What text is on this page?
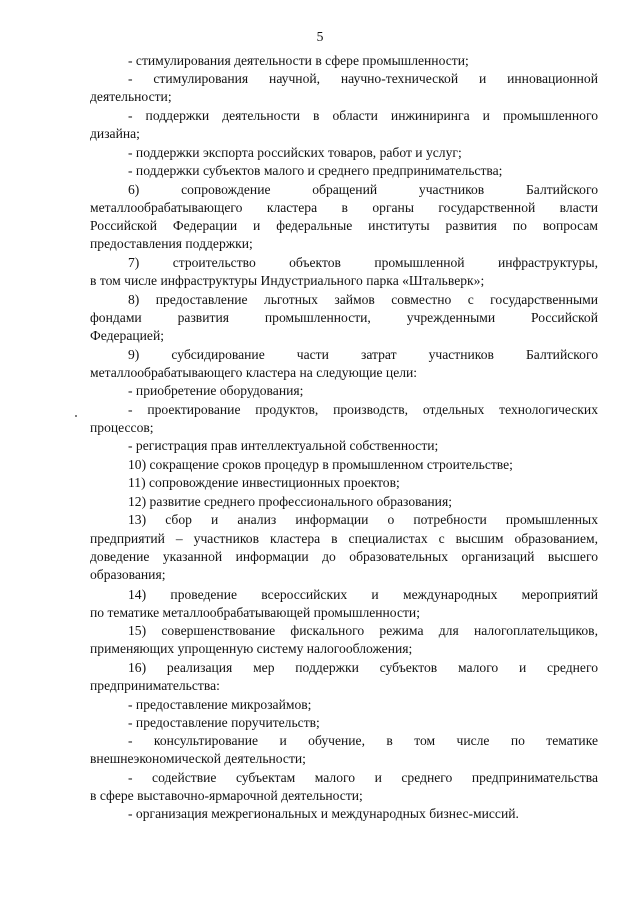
5
- стимулирования деятельности в сфере промышленности;
- стимулирования научной, научно-технической и инновационной
деятельности;
- поддержки деятельности в области инжиниринга и промышленного
дизайна;
- поддержки экспорта российских товаров, работ и услуг;
- поддержки субъектов малого и среднего предпринимательства;
6) сопровождение обращений участников Балтийского
металлообрабатывающего кластера в органы государственной власти
Российской Федерации и федеральные институты развития по вопросам
предоставления поддержки;
7) строительство объектов промышленной инфраструктуры,
в том числе инфраструктуры Индустриального парка «Штальверк»;
8) предоставление льготных займов совместно с государственными
фондами развития промышленности, учрежденными Российской
Федерацией;
9) субсидирование части затрат участников Балтийского
металлообрабатывающего кластера на следующие цели:
- приобретение оборудования;
- проектирование продуктов, производств, отдельных технологических
процессов;
- регистрация прав интеллектуальной собственности;
10) сокращение сроков процедур в промышленном строительстве;
11) сопровождение инвестиционных проектов;
12) развитие среднего профессионального образования;
13) сбор и анализ информации о потребности промышленных
предприятий – участников кластера в специалистах с высшим образованием,
доведение указанной информации до образовательных организаций высшего
образования;
14) проведение всероссийских и международных мероприятий
по тематике металлообрабатывающей промышленности;
15) совершенствование фискального режима для налогоплательщиков,
применяющих упрощенную систему налогообложения;
16) реализация мер поддержки субъектов малого и среднего
предпринимательства:
- предоставление микрозаймов;
- предоставление поручительств;
- консультирование и обучение, в том числе по тематике
внешнеэкономической деятельности;
- содействие субъектам малого и среднего предпринимательства
в сфере выставочно-ярмарочной деятельности;
- организация межрегиональных и международных бизнес-миссий.
